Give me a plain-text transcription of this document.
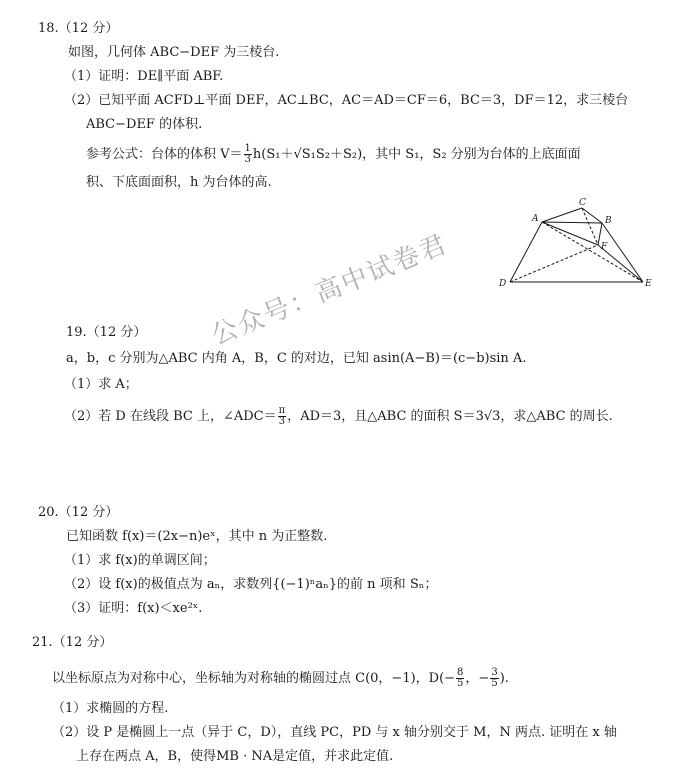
18.（12 分）
如图，几何体 ABC−DEF 为三棱台.
（1）证明：DE∥平面 ABF.
（2）已知平面 ACFD⊥平面 DEF，AC⊥BC，AC＝AD＝CF＝6，BC＝3，DF＝12，求三棱台
ABC−DEF 的体积.
参考公式：台体的体积 $V= \frac{1}{3} h(S_1+√S_1S_2+S_2)$，其中 S₁，S₂ 分别为台体的上底面面
积、下底面面积，h 为台体的高.
A
C
B
F
D	E
公众号：高中试卷君
19.（12 分）
a，b，c 分别为△ABC 内角 A，B，C 的对边，已知 asin(A−B)＝(c−b)sin A.
（1）求 A；
（2）若 D 在线段 BC 上，∠ADC＝ $\frac{\pi}{3}$ ，AD＝3，且△ABC 的面积 S＝3√3，求△ABC 的周长.
20.（12 分）
已知函数 f(x)＝(2x−n)eˣ，其中 n 为正整数.
（1）求 f(x)的单调区间；
（2）设 f(x)的极值点为 aₙ，求数列{(−1)ⁿaₙ}的前 n 项和 Sₙ；
（3）证明：f(x)＜xe²ˣ.
21.（12 分）
以坐标原点为对称中心，坐标轴为对称轴的椭圆过点 C(0，−1)，$D(- \frac{8}{5}$ ，− $\frac{3}{5}$ ).
（1）求椭圆的方程.
（2）设 P 是椭圆上一点（异于 C，D），直线 PC，PD 与 x 轴分别交于 M，N 两点. 证明在 x 轴
上存在两点 A，B，使得MB · NA是定值，并求此定值.
